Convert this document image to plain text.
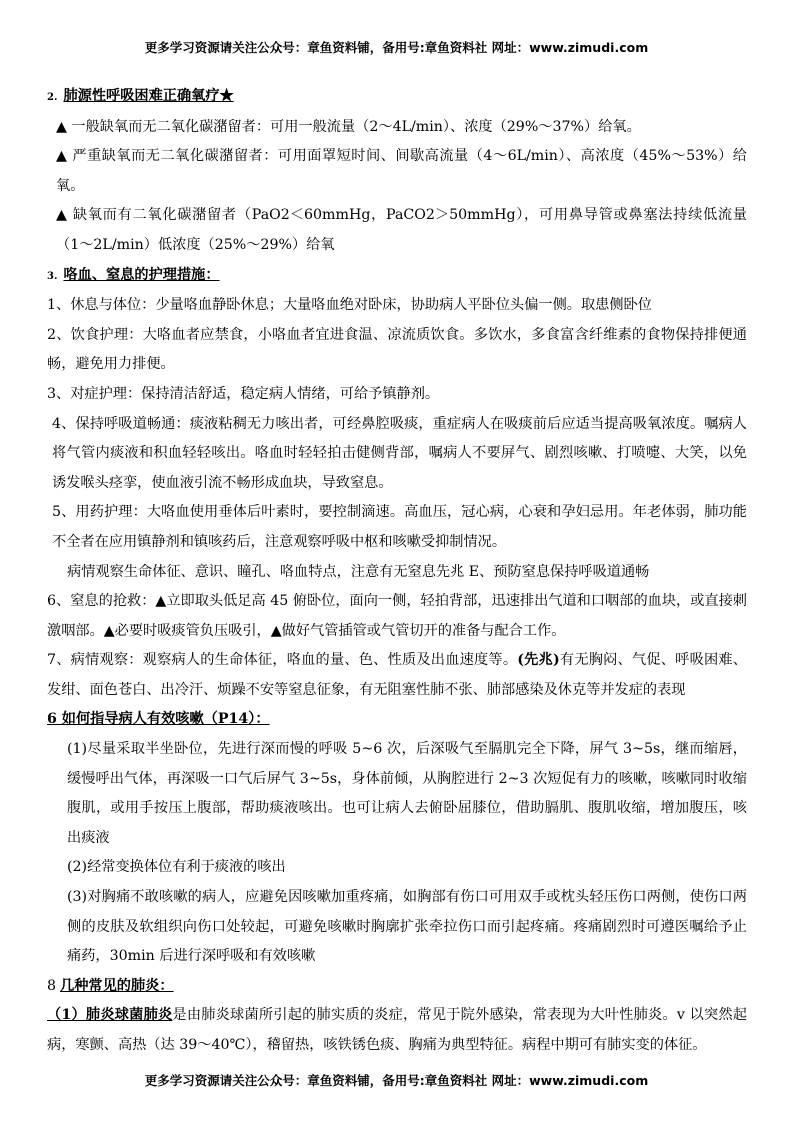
更多学习资源请关注公众号：章鱼资料铺，备用号:章鱼资料社 网址：www.zimudi.com

2. 肺源性呼吸困难正确氧疗★

▲ 一般缺氧而无二氧化碳潴留者：可用一般流量（2～4L/min）、浓度（29%～37%）给氧。

▲ 严重缺氧而无二氧化碳潴留者：可用面罩短时间、间歇高流量（4～6L/min）、高浓度（45%～53%）给氧。

▲ 缺氧而有二氧化碳潴留者（PaO2＜60mmHg，PaCO2＞50mmHg），可用鼻导管或鼻塞法持续低流量（1～2L/min）低浓度（25%～29%）给氧

3. 咯血、窒息的护理措施：

1、休息与体位：少量咯血静卧休息；大量咯血绝对卧床，协助病人平卧位头偏一侧。取患侧卧位

2、饮食护理：大咯血者应禁食，小咯血者宜进食温、凉流质饮食。多饮水，多食富含纤维素的食物保持排便通畅，避免用力排便。

3、对症护理：保持清洁舒适，稳定病人情绪，可给予镇静剂。

4、保持呼吸道畅通：痰液粘稠无力咳出者，可经鼻腔吸痰，重症病人在吸痰前后应适当提高吸氧浓度。嘱病人将气管内痰液和积血轻轻咳出。咯血时轻轻拍击健侧背部，嘱病人不要屏气、剧烈咳嗽、打喷嚏、大笑，以免诱发喉头痉挛，使血液引流不畅形成血块，导致窒息。

5、用药护理：大咯血使用垂体后叶素时，要控制滴速。高血压，冠心病，心衰和孕妇忌用。年老体弱，肺功能不全者在应用镇静剂和镇咳药后，注意观察呼吸中枢和咳嗽受抑制情况。

病情观察生命体征、意识、瞳孔、咯血特点，注意有无窒息先兆 E、预防窒息保持呼吸道通畅

6、窒息的抢救：▲立即取头低足高 45 俯卧位，面向一侧，轻拍背部，迅速排出气道和口咽部的血块，或直接刺激咽部。▲必要时吸痰管负压吸引，▲做好气管插管或气管切开的准备与配合工作。

7、病情观察：观察病人的生命体征，咯血的量、色、性质及出血速度等。(先兆)有无胸闷、气促、呼吸困难、发绀、面色苍白、出冷汗、烦躁不安等窒息征象，有无阻塞性肺不张、肺部感染及休克等并发症的表现

6 如何指导病人有效咳嗽（P14）：

(1)尽量采取半坐卧位，先进行深而慢的呼吸 5~6 次，后深吸气至膈肌完全下降，屏气 3~5s，继而缩唇，缓慢呼出气体，再深吸一口气后屏气 3~5s，身体前倾，从胸腔进行 2~3 次短促有力的咳嗽，咳嗽同时收缩腹肌，或用手按压上腹部，帮助痰液咳出。也可让病人去俯卧屈膝位，借助膈肌、腹肌收缩，增加腹压，咳出痰液

(2)经常变换体位有利于痰液的咳出

(3)对胸痛不敢咳嗽的病人，应避免因咳嗽加重疼痛，如胸部有伤口可用双手或枕头轻压伤口两侧，使伤口两侧的皮肤及软组织向伤口处较起，可避免咳嗽时胸廓扩张牵拉伤口而引起疼痛。疼痛剧烈时可遵医嘱给予止痛药，30min 后进行深呼吸和有效咳嗽

8 几种常见的肺炎：

（1）肺炎球菌肺炎是由肺炎球菌所引起的肺实质的炎症，常见于院外感染，常表现为大叶性肺炎。v 以突然起病，寒颤、高热（达 39～40℃），稽留热，咳铁锈色痰、胸痛为典型特征。病程中期可有肺实变的体征。

更多学习资源请关注公众号：章鱼资料铺，备用号:章鱼资料社 网址：www.zimudi.com
